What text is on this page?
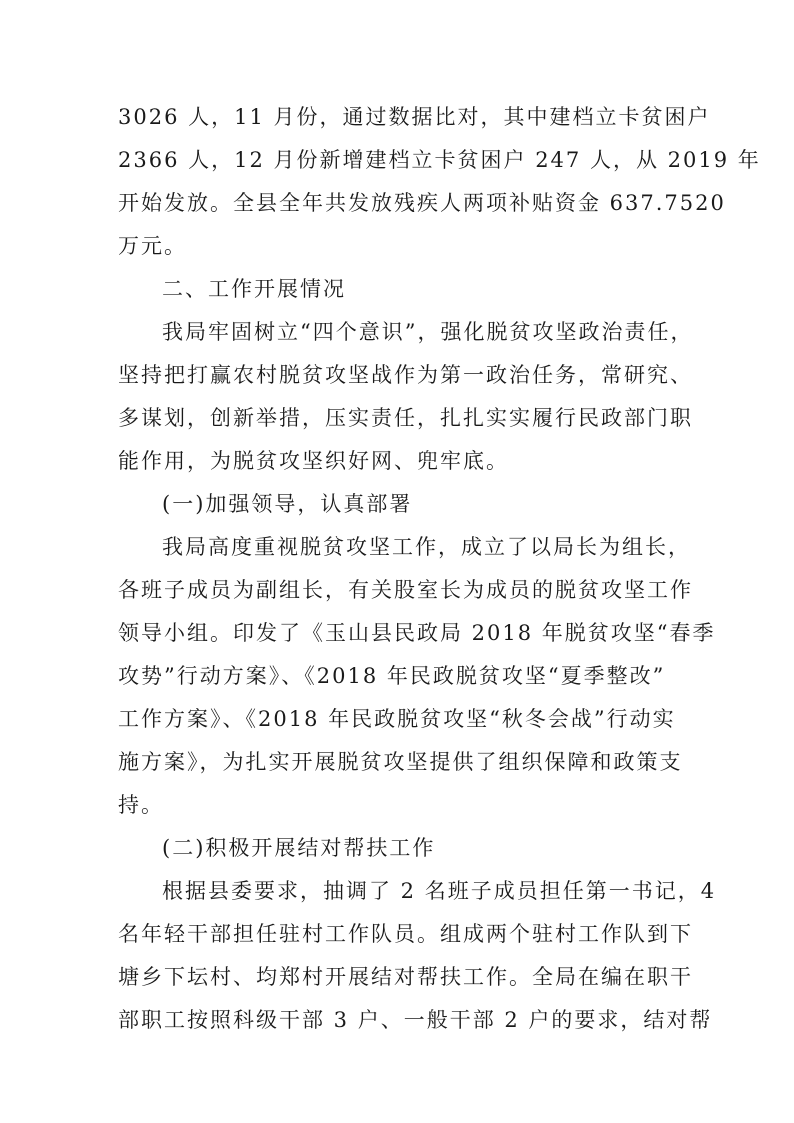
3026 人，11 月份，通过数据比对，其中建档立卡贫困户
2366 人，12 月份新增建档立卡贫困户 247 人，从 2019 年
开始发放。全县全年共发放残疾人两项补贴资金 637.7520
万元。
二、工作开展情况
我局牢固树立“四个意识”，强化脱贫攻坚政治责任，
坚持把打赢农村脱贫攻坚战作为第一政治任务，常研究、
多谋划，创新举措，压实责任，扎扎实实履行民政部门职
能作用，为脱贫攻坚织好网、兜牢底。
(一)加强领导，认真部署
我局高度重视脱贫攻坚工作，成立了以局长为组长，
各班子成员为副组长，有关股室长为成员的脱贫攻坚工作
领导小组。印发了《玉山县民政局 2018 年脱贫攻坚“春季
攻势”行动方案》、《2018 年民政脱贫攻坚“夏季整改”
工作方案》、《2018 年民政脱贫攻坚“秋冬会战”行动实
施方案》，为扎实开展脱贫攻坚提供了组织保障和政策支
持。
(二)积极开展结对帮扶工作
根据县委要求，抽调了 2 名班子成员担任第一书记，4
名年轻干部担任驻村工作队员。组成两个驻村工作队到下
塘乡下坛村、均郑村开展结对帮扶工作。全局在编在职干
部职工按照科级干部 3 户、一般干部 2 户的要求，结对帮
